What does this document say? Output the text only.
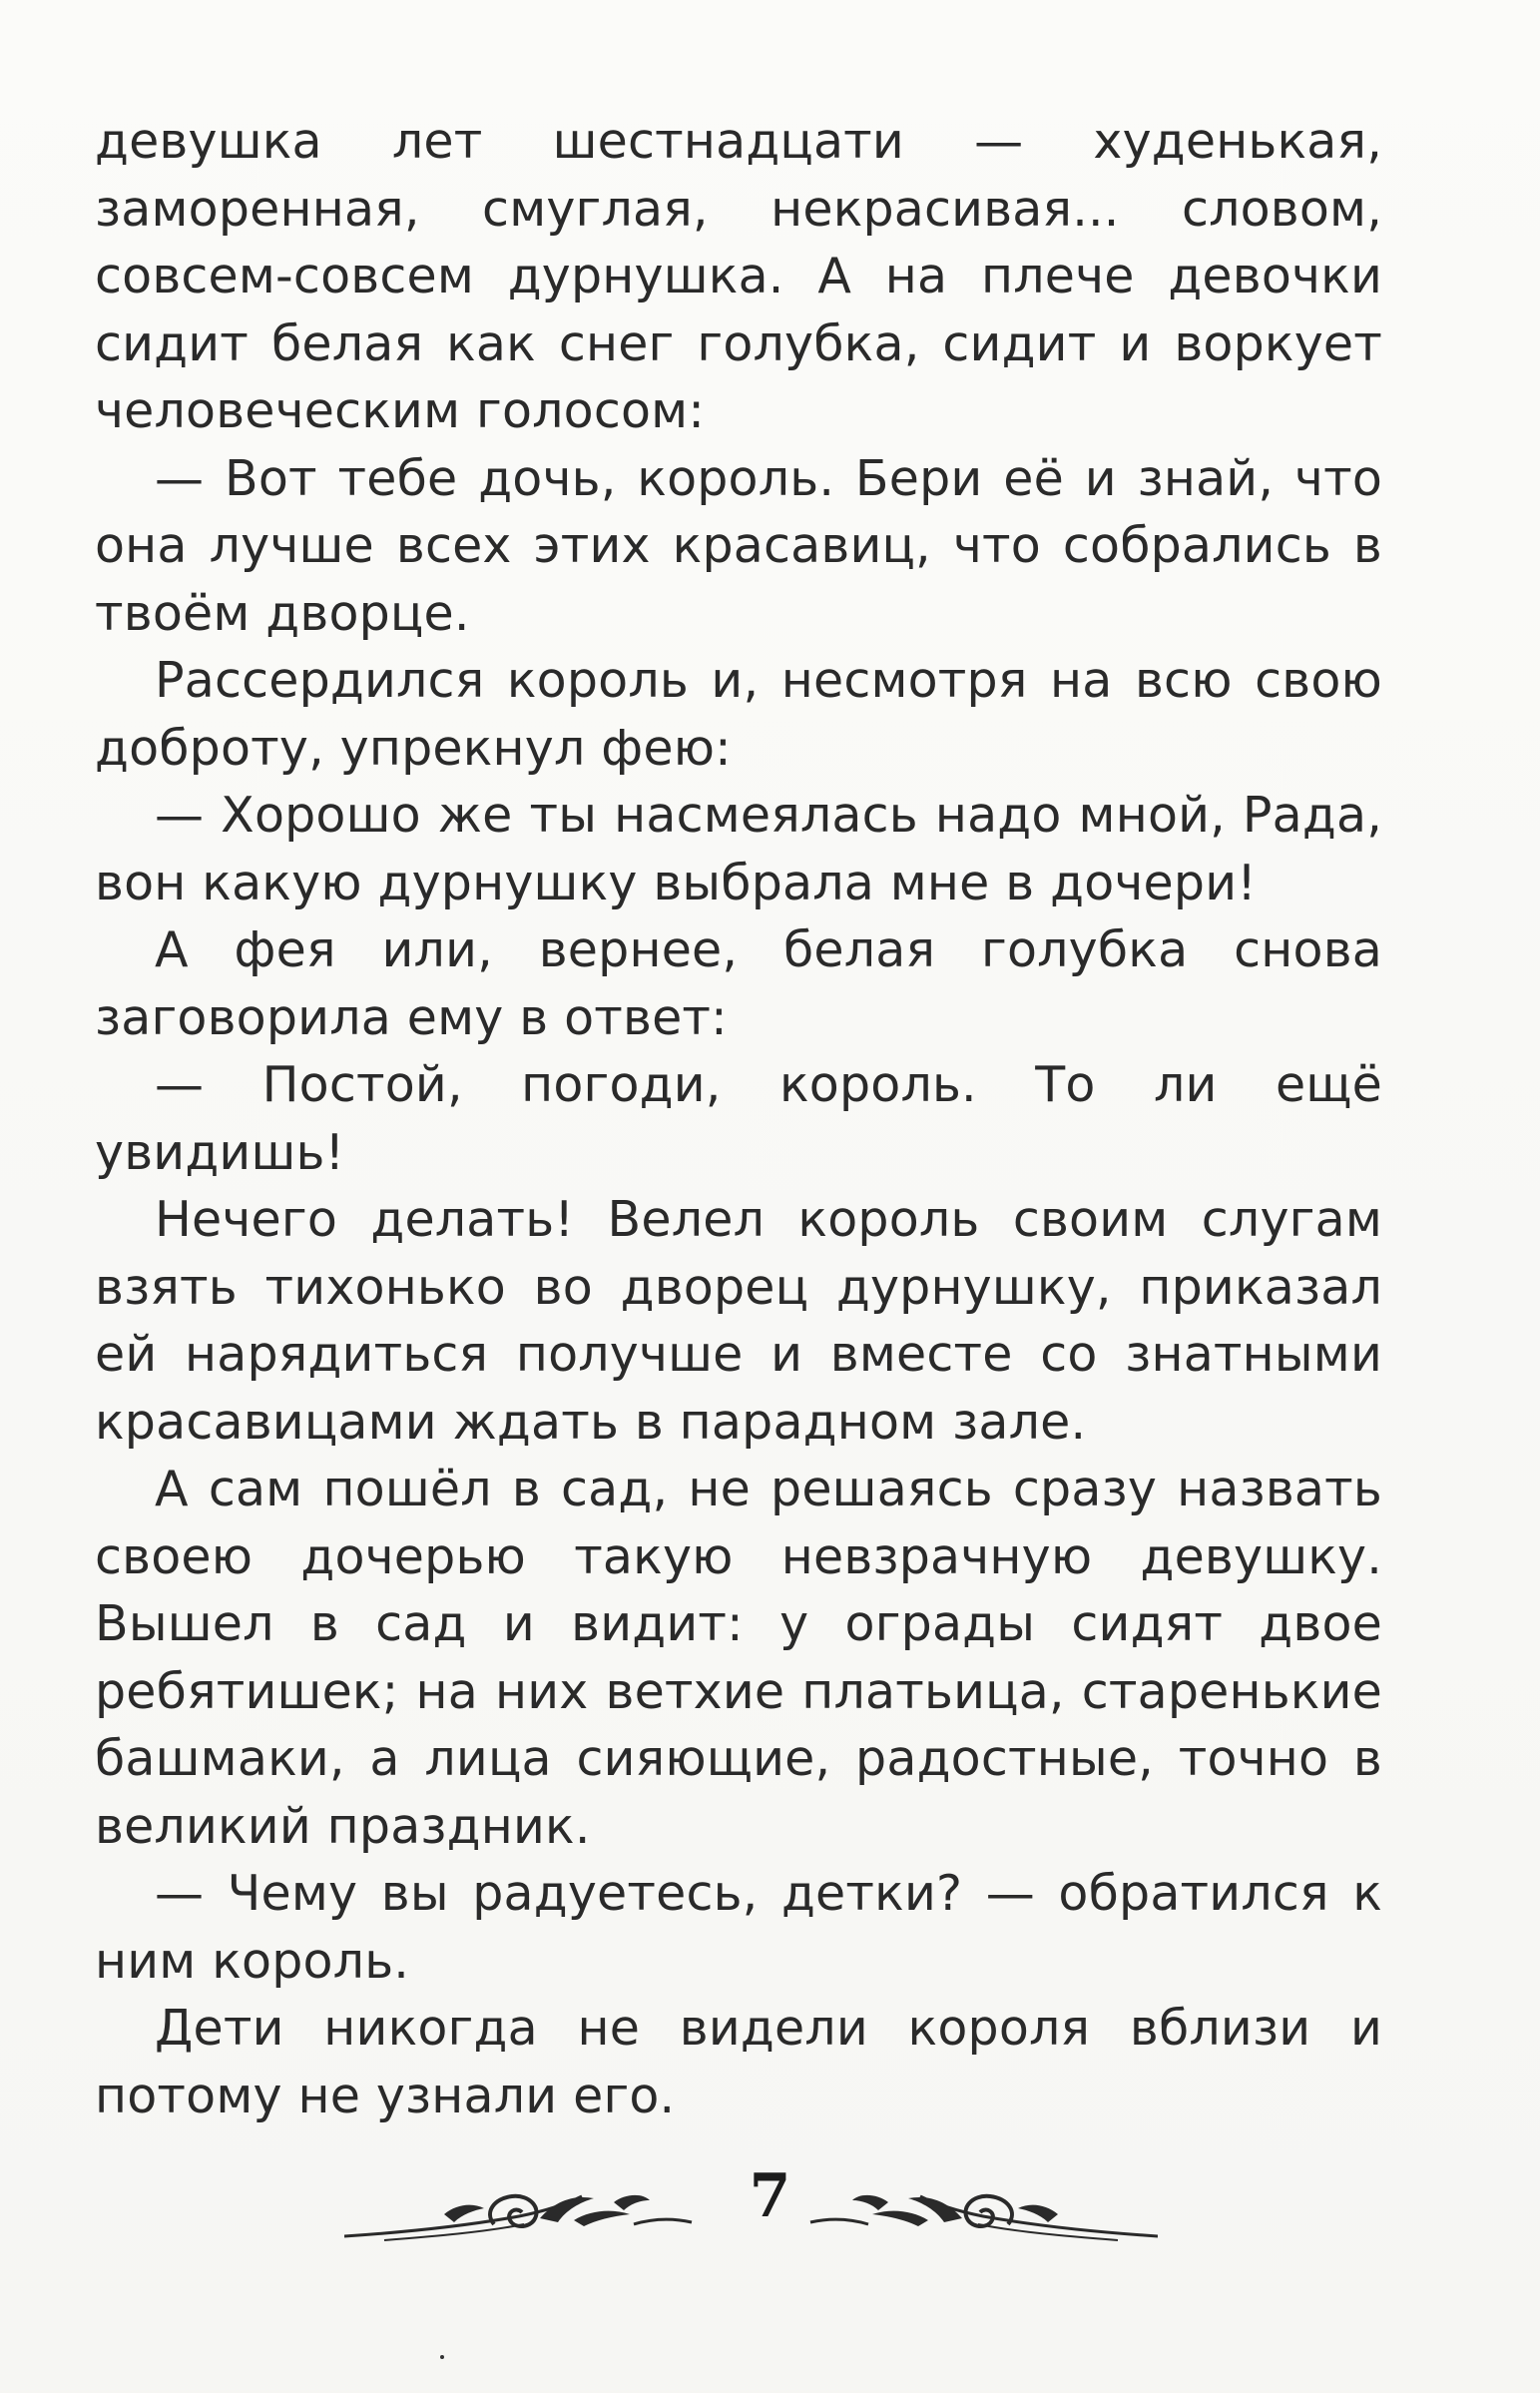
девушка лет шестнадцати — худенькая, заморенная, смуглая, некрасивая... словом, совсем-совсем дурнушка. А на плече девочки сидит белая как снег голубка, сидит и воркует человеческим голосом:

— Вот тебе дочь, король. Бери её и знай, что она лучше всех этих красавиц, что собрались в твоём дворце.

Рассердился король и, несмотря на всю свою доброту, упрекнул фею:

— Хорошо же ты насмеялась надо мной, Рада, вон какую дурнушку выбрала мне в дочери!

А фея или, вернее, белая голубка снова заговорила ему в ответ:

— Постой, погоди, король. То ли ещё увидишь!

Нечего делать! Велел король своим слугам взять тихонько во дворец дурнушку, приказал ей нарядиться получше и вместе со знатными красавицами ждать в парадном зале.

А сам пошёл в сад, не решаясь сразу назвать своею дочерью такую невзрачную девушку. Вышел в сад и видит: у ограды сидят двое ребятишек; на них ветхие платьица, старенькие башмаки, а лица сияющие, радостные, точно в великий праздник.

— Чему вы радуетесь, детки? — обратился к ним король.

Дети никогда не видели короля вблизи и потому не узнали его.

7
